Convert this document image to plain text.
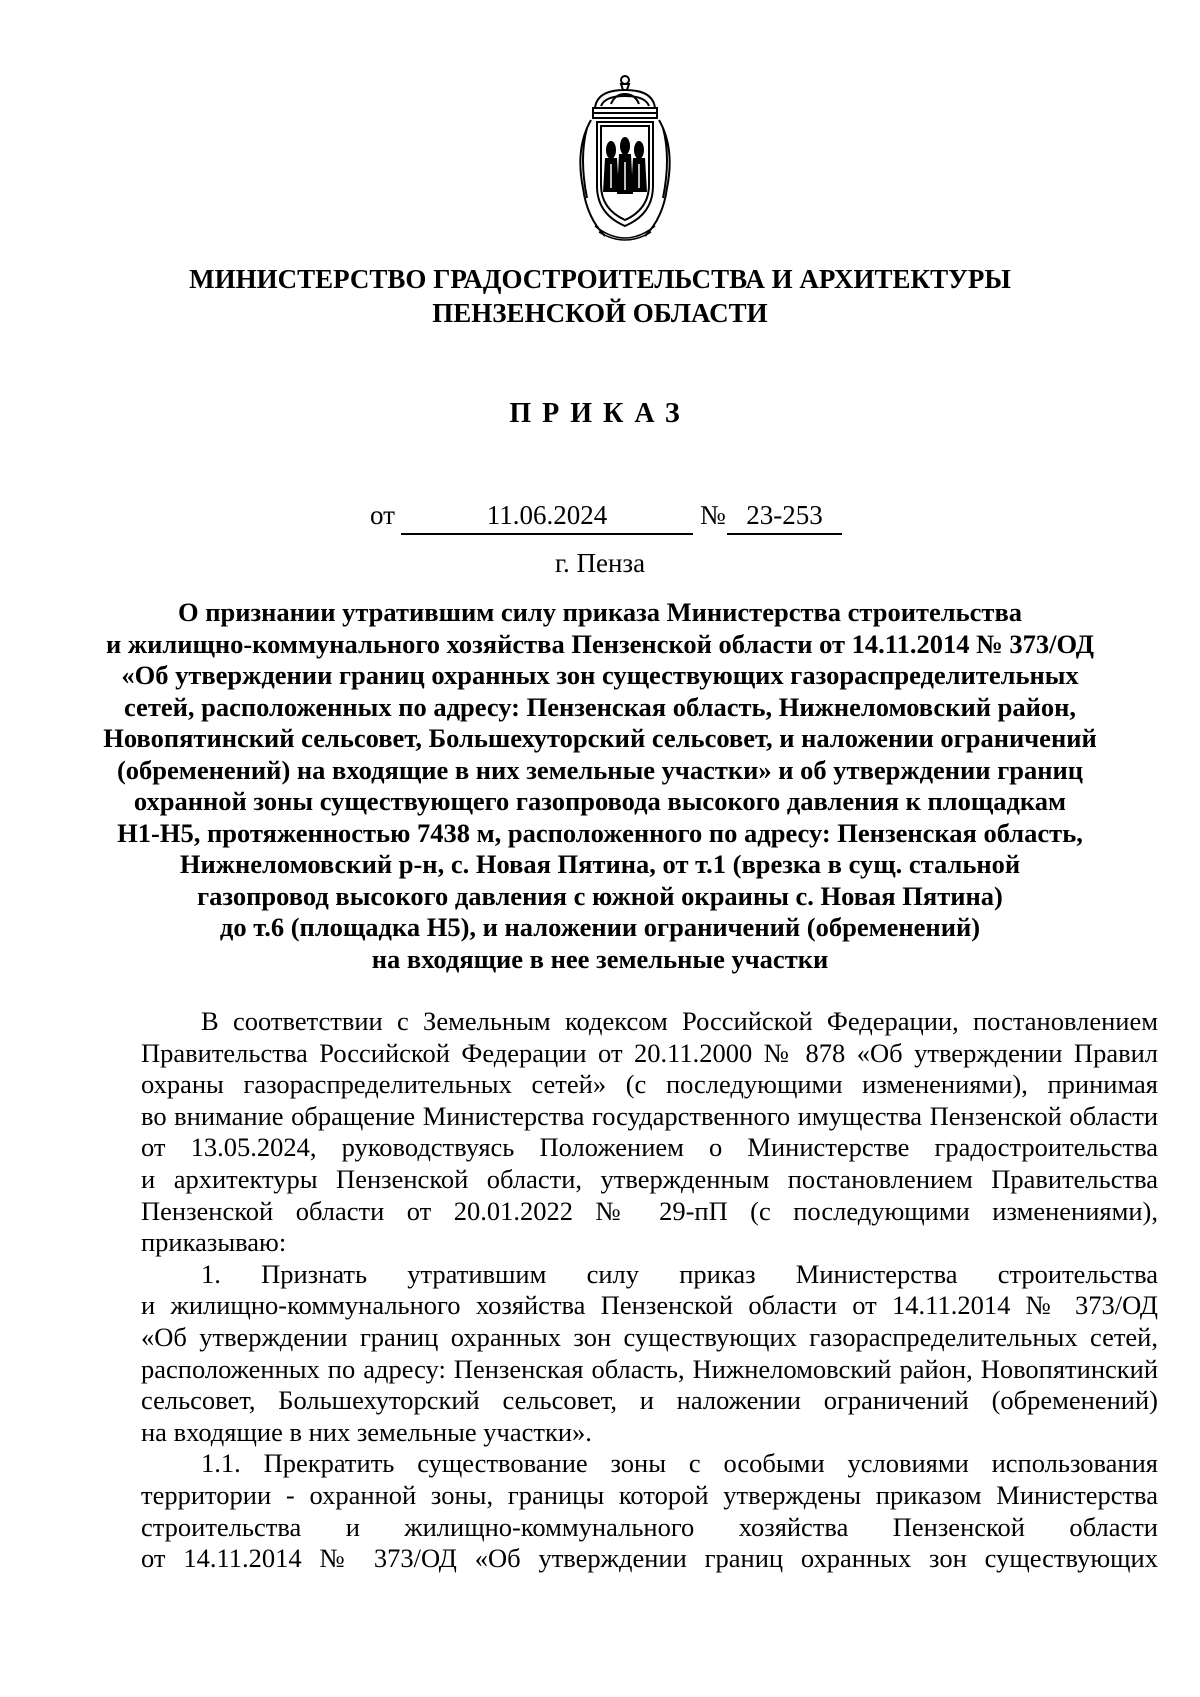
МИНИСТЕРСТВО ГРАДОСТРОИТЕЛЬСТВА И АРХИТЕКТУРЫ
ПЕНЗЕНСКОЙ ОБЛАСТИ
ПРИКАЗ
от	11.06.2024	№ 23-253
г. Пенза
О признании утратившим силу приказа Министерства строительства
и жилищно-коммунального хозяйства Пензенской области от 14.11.2014 № 373/ОД
«Об утверждении границ охранных зон существующих газораспределительных
сетей, расположенных по адресу: Пензенская область, Нижнеломовский район,
Новопятинский сельсовет, Большехуторский сельсовет, и наложении ограничений
(обременений) на входящие в них земельные участки» и об утверждении границ
охранной зоны существующего газопровода высокого давления к площадкам
Н1-Н5, протяженностью 7438 м, расположенного по адресу: Пензенская область,
Нижнеломовский р-н, с. Новая Пятина, от т.1 (врезка в сущ. стальной
газопровод высокого давления с южной окраины с. Новая Пятина)
до т.6 (площадка Н5), и наложении ограничений (обременений)
на входящие в нее земельные участки
В соответствии с Земельным кодексом Российской Федерации, постановлением
Правительства Российской Федерации от 20.11.2000 № 878 «Об утверждении Правил
охраны газораспределительных сетей» (с последующими изменениями), принимая
во внимание обращение Министерства государственного имущества Пензенской области
от 13.05.2024, руководствуясь Положением о Министерстве градостроительства
и архитектуры Пензенской области, утвержденным постановлением Правительства
Пензенской области от 20.01.2022 № 29-пП (с последующими изменениями),
приказываю:
1. Признать утратившим силу приказ Министерства строительства
и жилищно-коммунального хозяйства Пензенской области от 14.11.2014 № 373/ОД
«Об утверждении границ охранных зон существующих газораспределительных сетей,
расположенных по адресу: Пензенская область, Нижнеломовский район, Новопятинский
сельсовет, Большехуторский сельсовет, и наложении ограничений (обременений)
на входящие в них земельные участки».
1.1. Прекратить существование зоны с особыми условиями использования
территории - охранной зоны, границы которой утверждены приказом Министерства
строительства и жилищно-коммунального хозяйства Пензенской области
от 14.11.2014 № 373/ОД «Об утверждении границ охранных зон существующих
